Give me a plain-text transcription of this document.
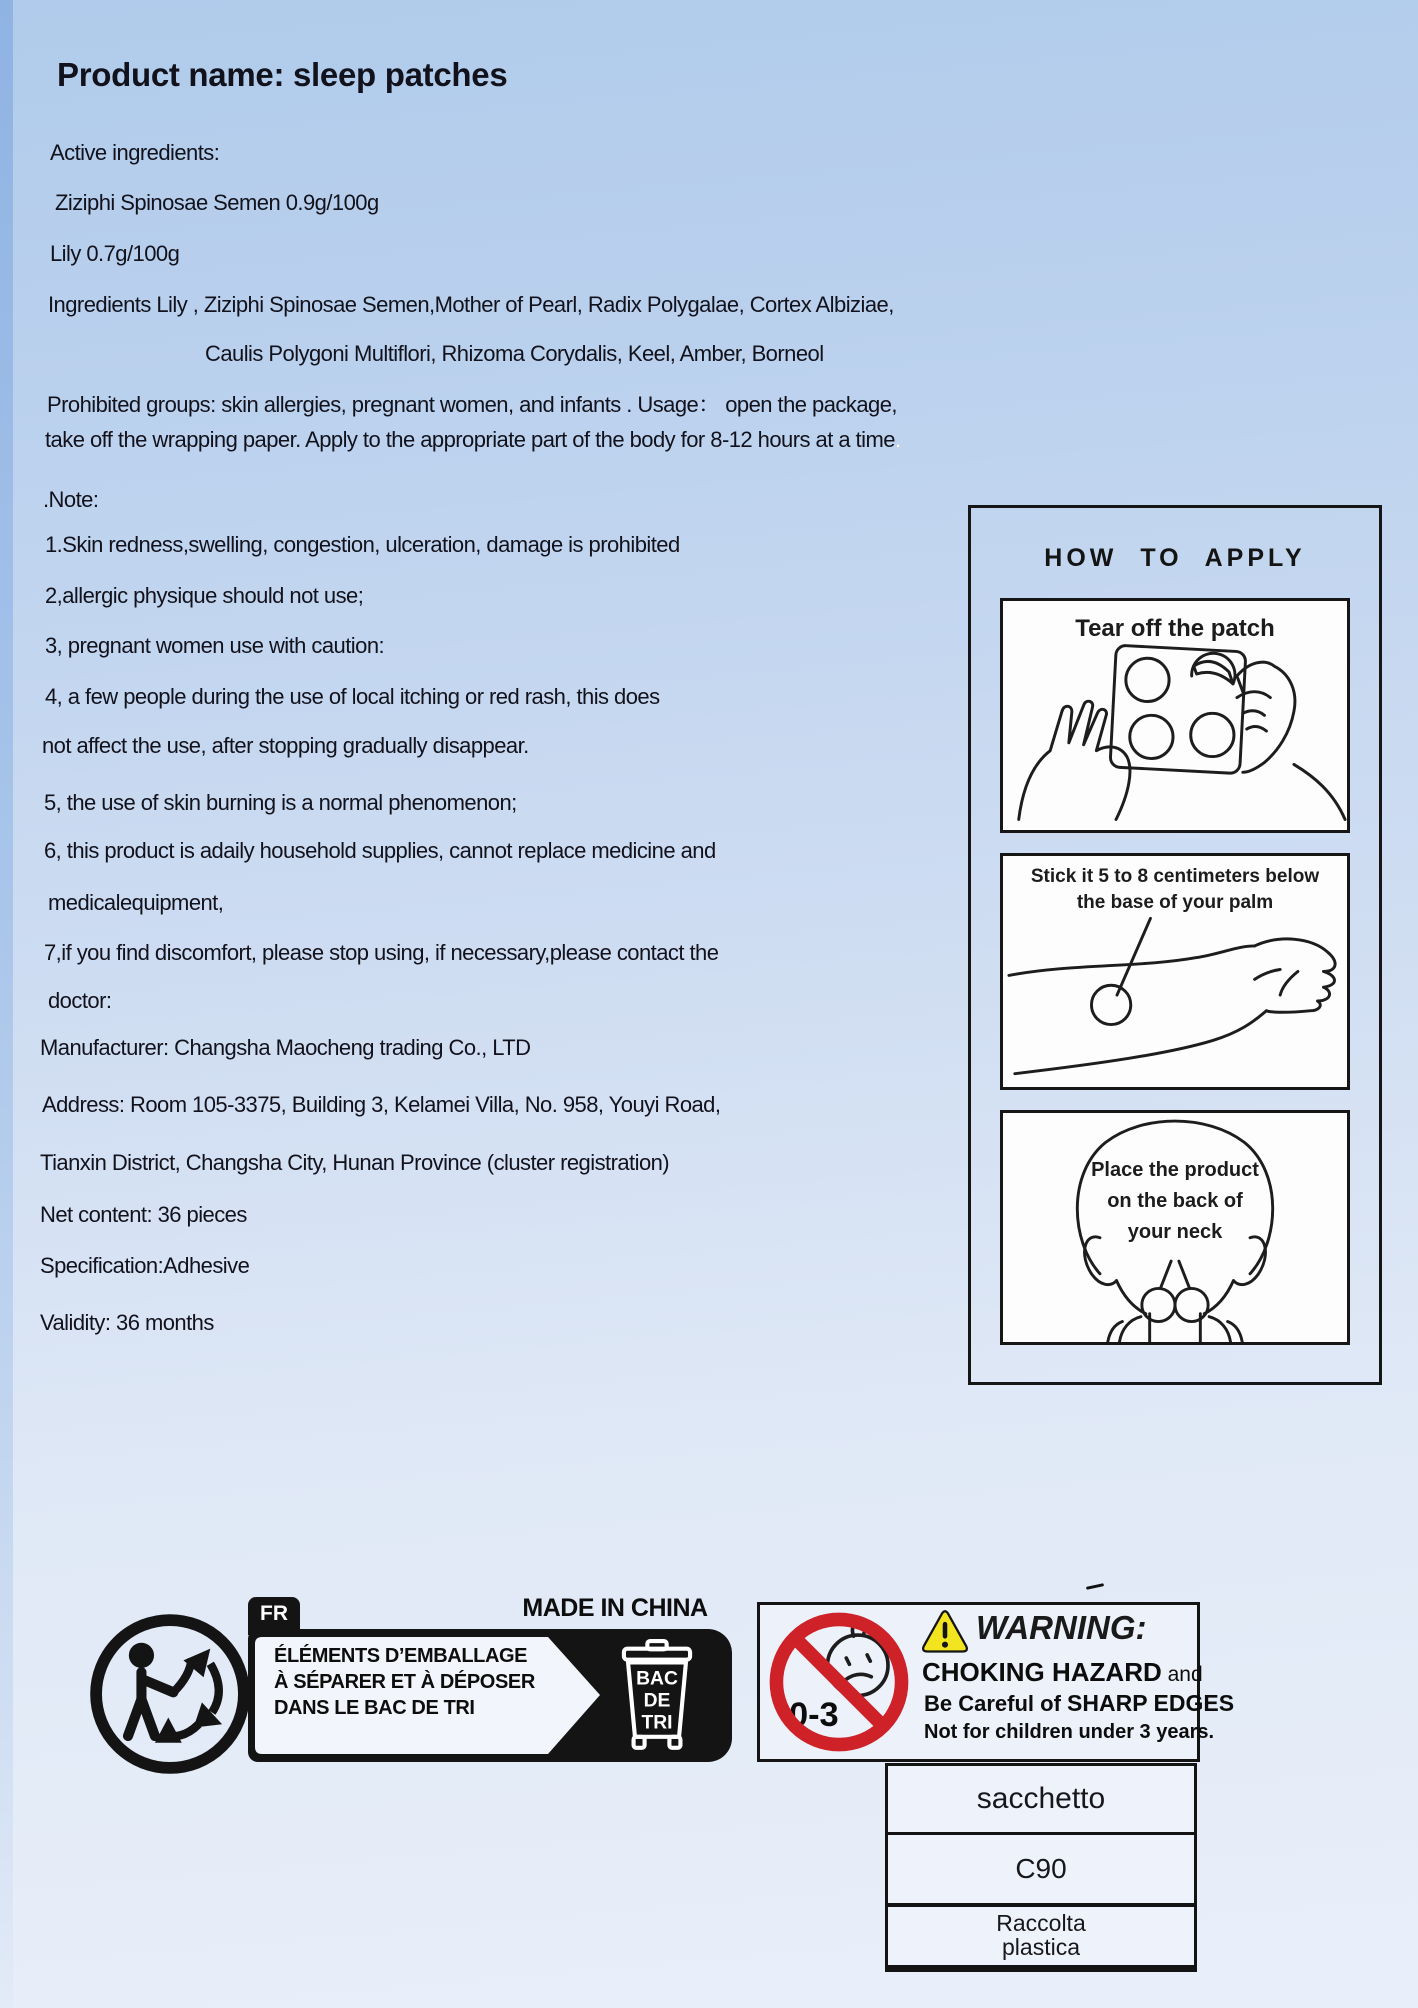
Product name: sleep patches
Active ingredients:
Ziziphi Spinosae Semen 0.9g/100g
Lily 0.7g/100g
Ingredients Lily , Ziziphi Spinosae Semen,Mother of Pearl, Radix Polygalae, Cortex Albiziae,
Caulis Polygoni Multiflori, Rhizoma Corydalis, Keel, Amber, Borneol
Prohibited groups: skin allergies, pregnant women, and infants . Usage： open the package,
take off the wrapping paper. Apply to the appropriate part of the body for 8-12 hours at a time.
.Note:
1.Skin redness,swelling, congestion, ulceration, damage is prohibited
2,allergic physique should not use;
3, pregnant women use with caution:
4, a few people during the use of local itching or red rash, this does
not affect the use, after stopping gradually disappear.
5, the use of skin burning is a normal phenomenon;
6, this product is adaily household supplies, cannot replace medicine and
medicalequipment,
7,if you find discomfort, please stop using, if necessary,please contact the
doctor:
Manufacturer: Changsha Maocheng trading Co., LTD
Address: Room 105-3375, Building 3, Kelamei Villa, No. 958, Youyi Road,
Tianxin District, Changsha City, Hunan Province (cluster registration)
Net content: 36 pieces
Specification:Adhesive
Validity: 36 months
HOW TO APPLY
Tear off the patch
Stick it 5 to 8 centimeters below
the base of your palm
Place the product
on the back of
your neck
MADE IN CHINA
FR
ÉLÉMENTS D’EMBALLAGE
À SÉPARER ET À DÉPOSER
DANS LE BAC DE TRI
BAC
DE
TRI	0-3
WARNING:
CHOKING HAZARD and
Be Careful of SHARP EDGES
Not for children under 3 years.
sacchetto
C90
Raccolta
plastica
